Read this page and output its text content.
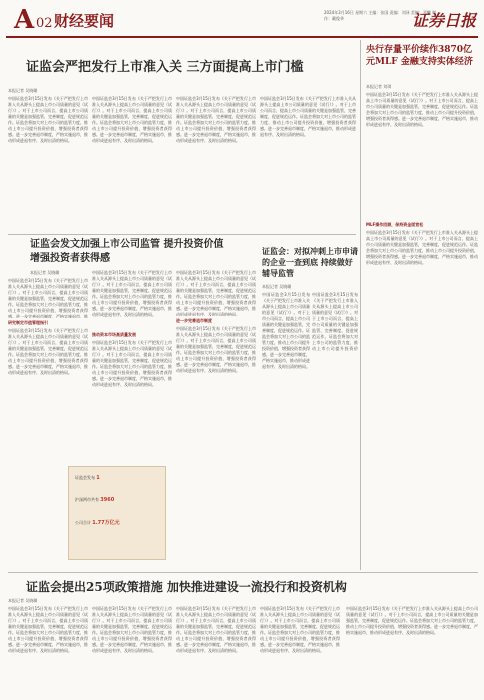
A 02 财经要闻	2024年3月16日 星期六 主编：张国 责编：刘泽 美编：邓鹏 制作：戴俊华	证券日报
证监会严把发行上市准入关 三方面提高上市门槛
本报记者 吴晓璐
中国证监会3月15日发布《关于严把发行上市准入关从源头上提高上市公司质量的意见（试行）》。对于上市公司而言，提高上市公司质量的关键是加强监管，完善制度，促进规范运作。证监会将加大对上市公司的监管力度，推动上市公司提升投资价值，增强投资者获得感。进一步完善退市制度，严格实施退市，推动形成进退有序、及时出清的格局。
中国证监会3月15日发布《关于严把发行上市准入关从源头上提高上市公司质量的意见（试行）》。对于上市公司而言，提高上市公司质量的关键是加强监管，完善制度，促进规范运作。证监会将加大对上市公司的监管力度，推动上市公司提升投资价值，增强投资者获得感。进一步完善退市制度，严格实施退市，推动形成进退有序、及时出清的格局。
中国证监会3月15日发布《关于严把发行上市准入关从源头上提高上市公司质量的意见（试行）》。对于上市公司而言，提高上市公司质量的关键是加强监管，完善制度，促进规范运作。证监会将加大对上市公司的监管力度，推动上市公司提升投资价值，增强投资者获得感。进一步完善退市制度，严格实施退市，推动形成进退有序、及时出清的格局。
中国证监会3月15日发布《关于严把发行上市准入关从源头上提高上市公司质量的意见（试行）》。对于上市公司而言，提高上市公司质量的关键是加强监管，完善制度，促进规范运作。证监会将加大对上市公司的监管力度，推动上市公司提升投资价值，增强投资者获得感。进一步完善退市制度，严格实施退市，推动形成进退有序、及时出清的格局。
证监会发文加强上市公司监管 提升投资价值增强投资者获得感
本报记者 吴晓璐
中国证监会3月15日发布《关于严把发行上市准入关从源头上提高上市公司质量的意见（试行）》。对于上市公司而言，提高上市公司质量的关键是加强监管，完善制度，促进规范运作。证监会将加大对上市公司的监管力度，推动上市公司提升投资价值，增强投资者获得感。进一步完善退市制度，严格实施退市，推
研究制定市值管理指引
中国证监会3月15日发布《关于严把发行上市准入关从源头上提高上市公司质量的意见（试行）》。对于上市公司而言，提高上市公司质量的关键是加强监管，完善制度，促进规范运作。证监会将加大对上市公司的监管力度，推动上市公司提升投资价值，增强投资者获得感。进一步完善退市制度，严格实施退市，推动形成进退有序、及时出清的格局。
中国证监会3月15日发布《关于严把发行上市准入关从源头上提高上市公司质量的意见（试行）》。对于上市公司而言，提高上市公司质量的关键是加强监管，完善制度，促进规范运作。证监会将加大对上市公司的监管力度，推动上市公司提升投资价值，增强投资者获得感。进一步完善退市制度，严格实施退市，推动形成进退有序、及时出清的格局。
推动资本市场高质量发展
中国证监会3月15日发布《关于严把发行上市准入关从源头上提高上市公司质量的意见（试行）》。对于上市公司而言，提高上市公司质量的关键是加强监管，完善制度，促进规范运作。证监会将加大对上市公司的监管力度，推动上市公司提升投资价值，增强投资者获得感。进一步完善退市制度，严格实施退市，推动形成进退有序、及时出清的格局。
中国证监会3月15日发布《关于严把发行上市准入关从源头上提高上市公司质量的意见（试行）》。对于上市公司而言，提高上市公司质量的关键是加强监管，完善制度，促进规范运作。证监会将加大对上市公司的监管力度，推动上市公司提升投资价值，增强投资者获得感。进一步完善退市制度，严格实施退市，推动形成进退有序、及时出清的格局。
进一步完善退市制度
中国证监会3月15日发布《关于严把发行上市准入关从源头上提高上市公司质量的意见（试行）》。对于上市公司而言，提高上市公司质量的关键是加强监管，完善制度，促进规范运作。证监会将加大对上市公司的监管力度，推动上市公司提升投资价值，增强投资者获得感。进一步完善退市制度，严格实施退市，推动形成进退有序、及时出清的格局。
证监会：对拟冲刺上市申请的企业一查到底 持续做好辅导监管
本报记者 吴晓璐
中国证监会3月15日发布《关于严把发行上市准入关从源头上提高上市公司质量的意见（试行）》。对于上市公司而言，提高上市公司质量的关键是加强监管，完善制度，促进规范运作。证监会将加大对上市公司的监管力度，推动上市公司提升投资价值，增强投资者获得感。进一步完善退市制度，严格实施退市，推动形成进退有序、及时出清的格局。
中国证监会3月15日发布《关于严把发行上市准入关从源头上提高上市公司质量的意见（试行）》。对于上市公司而言，提高上市公司质量的关键是加强监管，完善制度，促进规范运作。证监会将加大对上市公司的监管力度，推动上市公司提升投资价
证监会发布 1
沪深两市共有 3960
公司合计 1.77万亿元
证监会提出25项政策措施 加快推进建设一流投行和投资机构
本报记者 吴晓璐
中国证监会3月15日发布《关于严把发行上市准入关从源头上提高上市公司质量的意见（试行）》。对于上市公司而言，提高上市公司质量的关键是加强监管，完善制度，促进规范运作。证监会将加大对上市公司的监管力度，推动上市公司提升投资价值，增强投资者获得感。进一步完善退市制度，严格实施退市，推动形成进退有序、及时出清的格局。
中国证监会3月15日发布《关于严把发行上市准入关从源头上提高上市公司质量的意见（试行）》。对于上市公司而言，提高上市公司质量的关键是加强监管，完善制度，促进规范运作。证监会将加大对上市公司的监管力度，推动上市公司提升投资价值，增强投资者获得感。进一步完善退市制度，严格实施退市，推动形成进退有序、及时出清的格局。
中国证监会3月15日发布《关于严把发行上市准入关从源头上提高上市公司质量的意见（试行）》。对于上市公司而言，提高上市公司质量的关键是加强监管，完善制度，促进规范运作。证监会将加大对上市公司的监管力度，推动上市公司提升投资价值，增强投资者获得感。进一步完善退市制度，严格实施退市，推动形成进退有序、及时出清的格局。
中国证监会3月15日发布《关于严把发行上市准入关从源头上提高上市公司质量的意见（试行）》。对于上市公司而言，提高上市公司质量的关键是加强监管，完善制度，促进规范运作。证监会将加大对上市公司的监管力度，推动上市公司提升投资价值，增强投资者获得感。进一步完善退市制度，严格实施退市，推动形成进退有序、及时出清的格局。
央行存量平价续作3870亿元MLF 金融支持实体经济
本报记者 刘琪
中国证监会3月15日发布《关于严把发行上市准入关从源头上提高上市公司质量的意见（试行）》。对于上市公司而言，提高上市公司质量的关键是加强监管，完善制度，促进规范运作。证监会将加大对上市公司的监管力度，推动上市公司提升投资价值，增强投资者获得感。进一步完善退市制度，严格实施退市，推动形成进退有序、及时出清的格局。
MLF操作回顾，保持资金面宽松
中国证监会3月15日发布《关于严把发行上市准入关从源头上提高上市公司质量的意见（试行）》。对于上市公司而言，提高上市公司质量的关键是加强监管，完善制度，促进规范运作。证监会将加大对上市公司的监管力度，推动上市公司提升投资价值，增强投资者获得感。进一步完善退市制度，严格实施退市，推动形成进退有序、及时出清的格局。
中国证监会3月15日发布《关于严把发行上市准入关从源头上提高上市公司质量的意见（试行）》。对于上市公司而言，提高上市公司质量的关键是加强监管，完善制度，促进规范运作。证监会将加大对上市公司的监管力度，推动上市公司提升投资价值，增强投资者获得感。进一步完善退市制度，严格实施退市，推动形成进退有序、及时出清的格局。
